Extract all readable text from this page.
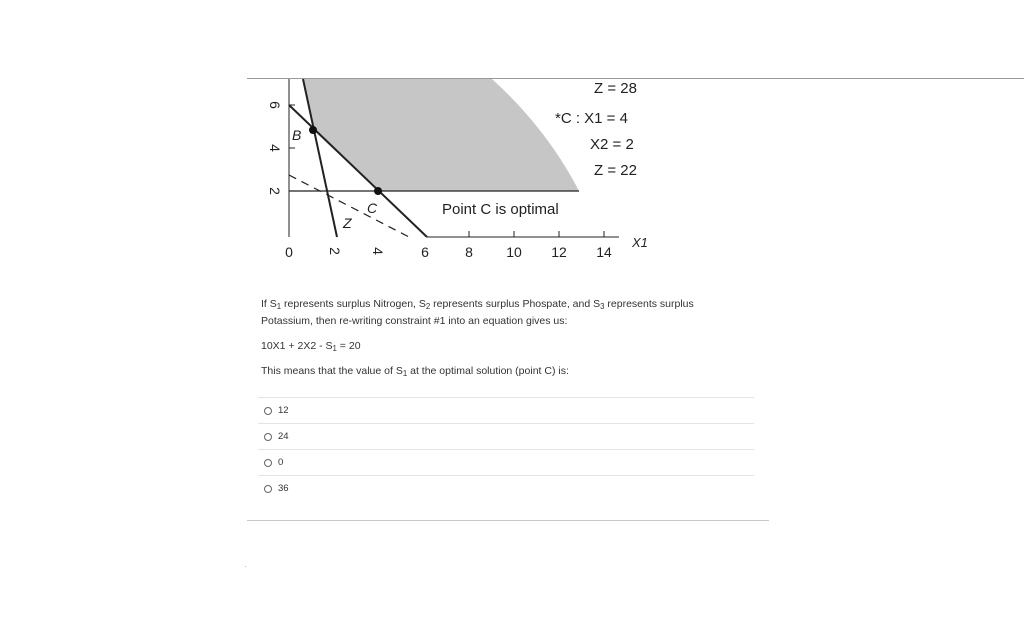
6
4
2
0 2 4	6	8 10 12 14
X1
B
C
Z
Point C is optimal
Z = 28
*C : X1 = 4
X2 = 2
Z = 22

If $S_1$ represents surplus Nitrogen, $S_2$ represents surplus Phospate, and $S_3$ represents surplus Potassium, then re-writing constraint #1 into an equation gives us:

$10X1 + 2X2 - S_1 = 20$

This means that the value of $S_1$ at the optimal solution (point C) is:

12
24
0
36
